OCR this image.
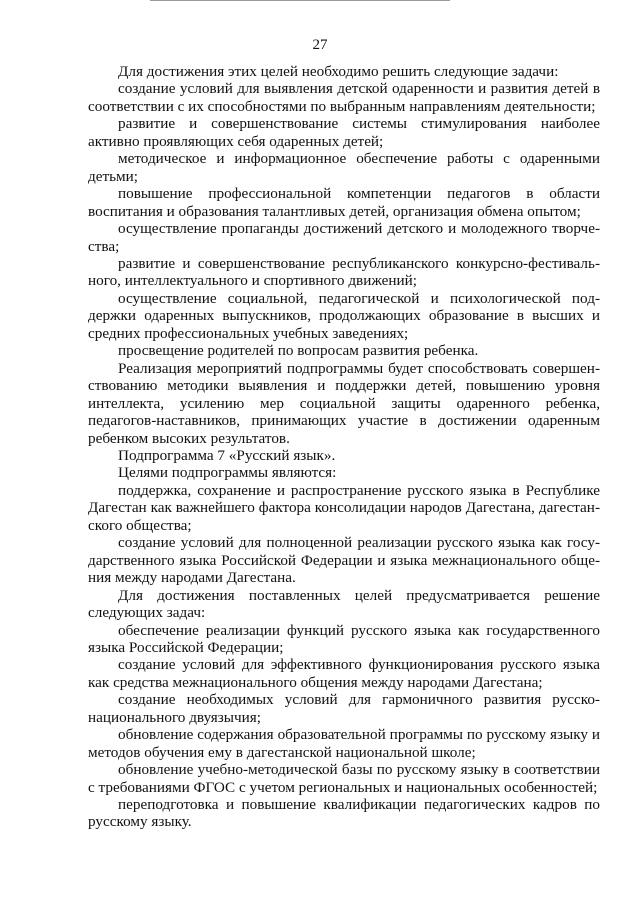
27

Для достижения этих целей необходимо решить следующие задачи:

создание условий для выявления детской одаренности и развития детей в соответствии с их способностями по выбранным направлениям деятельности;

развитие и совершенствование системы стимулирования наиболее активно проявляющих себя одаренных детей;

методическое и информационное обеспечение работы с одаренными детьми;

повышение профессиональной компетенции педагогов в области воспитания и образования талантливых детей, организация обмена опытом;

осуществление пропаганды достижений детского и молодежного творчества;

развитие и совершенствование республиканского конкурсно-фестивального, интеллектуального и спортивного движений;

осуществление социальной, педагогической и психологической поддержки одаренных выпускников, продолжающих образование в высших и средних профессиональных учебных заведениях;

просвещение родителей по вопросам развития ребенка.

Реализация мероприятий подпрограммы будет способствовать совершенствованию методики выявления и поддержки детей, повышению уровня интеллекта, усилению мер социальной защиты одаренного ребенка, педагогов-наставников, принимающих участие в достижении одаренным ребенком высоких результатов.

Подпрограмма 7 «Русский язык».

Целями подпрограммы являются:

поддержка, сохранение и распространение русского языка в Республике Дагестан как важнейшего фактора консолидации народов Дагестана, дагестанского общества;

создание условий для полноценной реализации русского языка как государственного языка Российской Федерации и языка межнационального общения между народами Дагестана.

Для достижения поставленных целей предусматривается решение следующих задач:

обеспечение реализации функций русского языка как государственного языка Российской Федерации;

создание условий для эффективного функционирования русского языка как средства межнационального общения между народами Дагестана;

создание необходимых условий для гармоничного развития русско-национального двуязычия;

обновление содержания образовательной программы по русскому языку и методов обучения ему в дагестанской национальной школе;

обновление учебно-методической базы по русскому языку в соответствии с требованиями ФГОС с учетом региональных и национальных особенностей;

переподготовка и повышение квалификации педагогических кадров по русскому языку.
